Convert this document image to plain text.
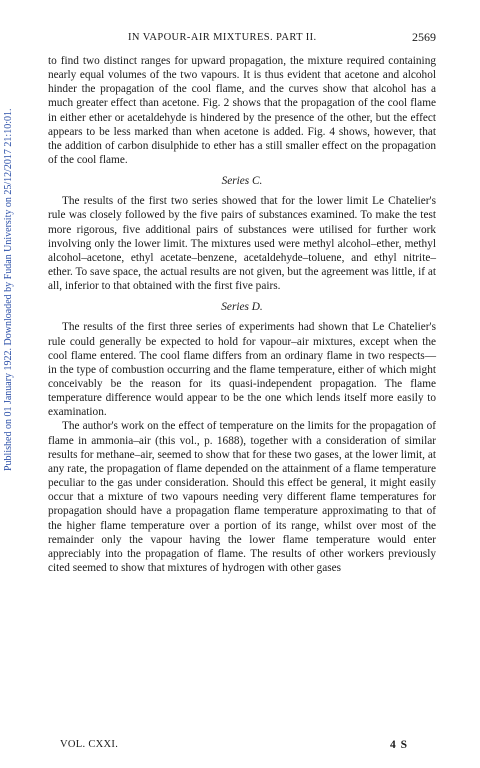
Published on 01 January 1922. Downloaded by Fudan University on 25/12/2017 21:10:01.
IN VAPOUR-AIR MIXTURES. PART II.	2569

to find two distinct ranges for upward propagation, the mixture required containing nearly equal volumes of the two vapours. It is thus evident that acetone and alcohol hinder the propagation of the cool flame, and the curves show that alcohol has a much greater effect than acetone. Fig. 2 shows that the propagation of the cool flame in either ether or acetaldehyde is hindered by the presence of the other, but the effect appears to be less marked than when acetone is added. Fig. 4 shows, however, that the addition of carbon disulphide to ether has a still smaller effect on the propagation of the cool flame.

Series C.

The results of the first two series showed that for the lower limit Le Chatelier's rule was closely followed by the five pairs of substances examined. To make the test more rigorous, five additional pairs of substances were utilised for further work involving only the lower limit. The mixtures used were methyl alcohol–ether, methyl alcohol–acetone, ethyl acetate–benzene, acetaldehyde–toluene, and ethyl nitrite–ether. To save space, the actual results are not given, but the agreement was little, if at all, inferior to that obtained with the first five pairs.

Series D.

The results of the first three series of experiments had shown that Le Chatelier's rule could generally be expected to hold for vapour–air mixtures, except when the cool flame entered. The cool flame differs from an ordinary flame in two respects—in the type of combustion occurring and the flame temperature, either of which might conceivably be the reason for its quasi-independent propagation. The flame temperature difference would appear to be the one which lends itself more easily to examination.

The author's work on the effect of temperature on the limits for the propagation of flame in ammonia–air (this vol., p. 1688), together with a consideration of similar results for methane–air, seemed to show that for these two gases, at the lower limit, at any rate, the propagation of flame depended on the attainment of a flame temperature peculiar to the gas under consideration. Should this effect be general, it might easily occur that a mixture of two vapours needing very different flame temperatures for propagation should have a propagation flame temperature approximating to that of the higher flame temperature over a portion of its range, whilst over most of the remainder only the vapour having the lower flame temperature would enter appreciably into the propagation of flame. The results of other workers previously cited seemed to show that mixtures of hydrogen with other gases

VOL. CXXI.	4 S
